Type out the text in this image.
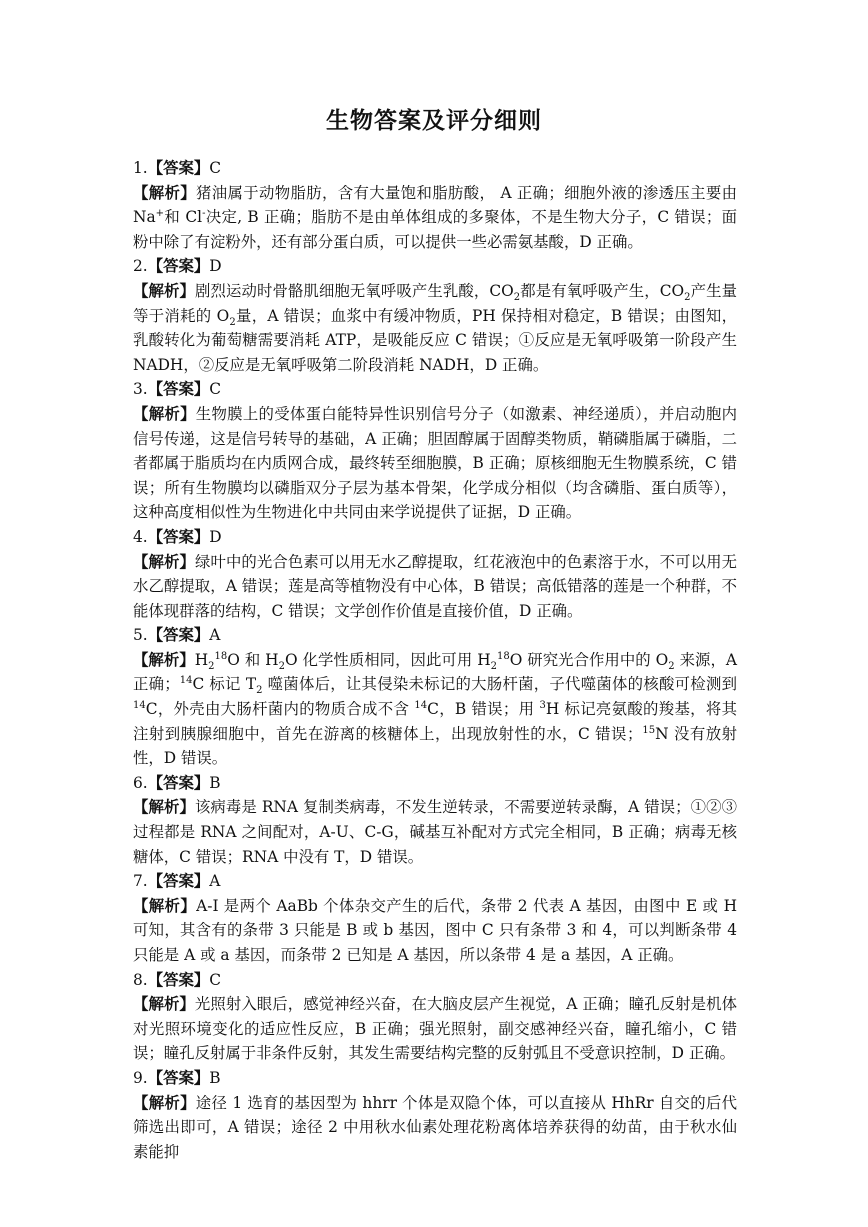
生物答案及评分细则

1.【答案】C

【解析】猪油属于动物脂肪，含有大量饱和脂肪酸， A 正确；细胞外液的渗透压主要由 Na+和 Cl-决定, B 正确；脂肪不是由单体组成的多聚体，不是生物大分子，C 错误；面粉中除了有淀粉外，还有部分蛋白质，可以提供一些必需氨基酸，D 正确。

2.【答案】D

【解析】剧烈运动时骨骼肌细胞无氧呼吸产生乳酸，$CO_2$都是有氧呼吸产生，$CO_2$产生量等于消耗的 $O_2$量，A 错误；血浆中有缓冲物质，PH 保持相对稳定，B 错误；由图知，乳酸转化为葡萄糖需要消耗 ATP，是吸能反应 C 错误；①反应是无氧呼吸第一阶段产生 NADH，②反应是无氧呼吸第二阶段消耗 NADH，D 正确。

3.【答案】C

【解析】生物膜上的受体蛋白能特异性识别信号分子（如激素、神经递质），并启动胞内信号传递，这是信号转导的基础，A 正确；胆固醇属于固醇类物质，鞘磷脂属于磷脂，二者都属于脂质均在内质网合成，最终转至细胞膜，B 正确；原核细胞无生物膜系统，C 错误；所有生物膜均以磷脂双分子层为基本骨架，化学成分相似（均含磷脂、蛋白质等），这种高度相似性为生物进化中共同由来学说提供了证据，D 正确。

4.【答案】D

【解析】绿叶中的光合色素可以用无水乙醇提取，红花液泡中的色素溶于水，不可以用无水乙醇提取，A 错误；莲是高等植物没有中心体，B 错误；高低错落的莲是一个种群，不能体现群落的结构，C 错误；文学创作价值是直接价值，D 正确。

5.【答案】A

【解析】$H_2^{18}O$ 和 $H_2O$ 化学性质相同，因此可用 $H_2^{18}O$ 研究光合作用中的 $O_2$ 来源，A 正确；$^{14}$C 标记 $T_2$ 噬菌体后，让其侵染未标记的大肠杆菌，子代噬菌体的核酸可检测到 $^{14}$C，外壳由大肠杆菌内的物质合成不含 $^{14}$C，B 错误；用 $^3$H 标记亮氨酸的羧基，将其注射到胰腺细胞中，首先在游离的核糖体上，出现放射性的水，C 错误；$^{15}$N 没有放射性，D 错误。

6.【答案】B

【解析】该病毒是 RNA 复制类病毒，不发生逆转录，不需要逆转录酶，A 错误；①②③过程都是 RNA 之间配对，A-U、C-G，碱基互补配对方式完全相同，B 正确；病毒无核糖体，C 错误；RNA 中没有 T，D 错误。

7.【答案】A

【解析】A-I 是两个 AaBb 个体杂交产生的后代，条带 2 代表 A 基因，由图中 E 或 H 可知，其含有的条带 3 只能是 B 或 b 基因，图中 C 只有条带 3 和 4，可以判断条带 4 只能是 A 或 a 基因，而条带 2 已知是 A 基因，所以条带 4 是 a 基因，A 正确。

8.【答案】C

【解析】光照射入眼后，感觉神经兴奋，在大脑皮层产生视觉，A 正确；瞳孔反射是机体对光照环境变化的适应性反应，B 正确；强光照射，副交感神经兴奋，瞳孔缩小，C 错误；瞳孔反射属于非条件反射，其发生需要结构完整的反射弧且不受意识控制，D 正确。

9.【答案】B

【解析】途径 1 选育的基因型为 hhrr 个体是双隐个体，可以直接从 HhRr 自交的后代筛选出即可，A 错误；途径 2 中用秋水仙素处理花粉离体培养获得的幼苗，由于秋水仙素能抑
